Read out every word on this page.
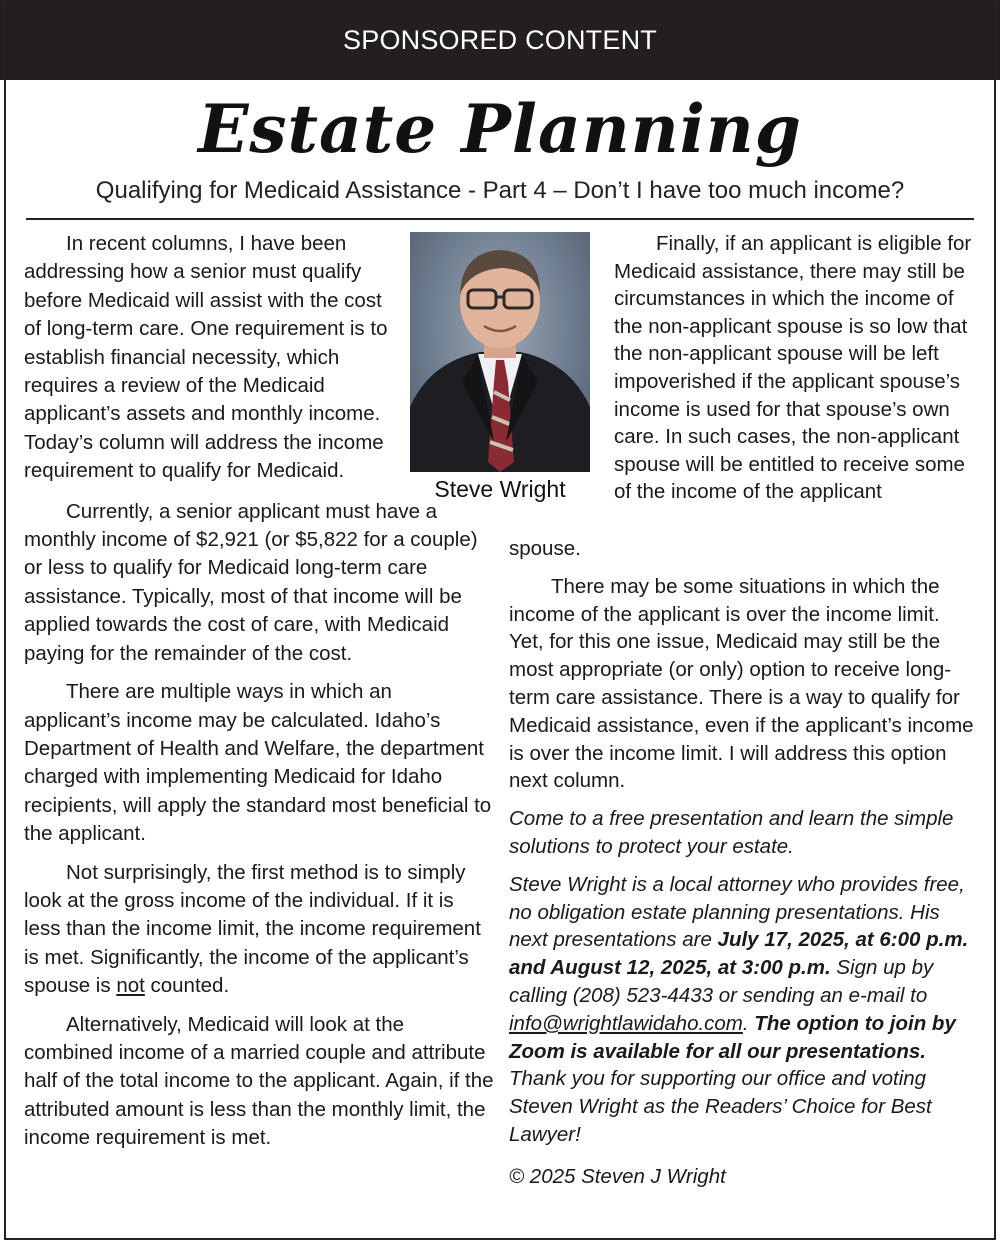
SPONSORED CONTENT
Estate Planning
Qualifying for Medicaid Assistance - Part 4 – Don’t I have too much income?
Steve Wright

In recent columns, I have been addressing how a senior must qualify before Medicaid will assist with the cost of long-term care. One requirement is to establish financial necessity, which requires a review of the Medicaid applicant’s assets and monthly income. Today’s column will address the income requirement to qualify for Medicaid.

Currently, a senior applicant must have a monthly income of $2,921 (or $5,822 for a couple) or less to qualify for Medicaid long-term care assistance. Typically, most of that income will be applied towards the cost of care, with Medicaid paying for the remainder of the cost.

There are multiple ways in which an applicant’s income may be calculated. Idaho’s Department of Health and Welfare, the department charged with implementing Medicaid for Idaho recipients, will apply the standard most beneficial to the applicant.

Not surprisingly, the first method is to simply look at the gross income of the individual. If it is less than the income limit, the income requirement is met. Significantly, the income of the applicant’s spouse is not counted.

Alternatively, Medicaid will look at the combined income of a married couple and attribute half of the total income to the applicant. Again, if the attributed amount is less than the monthly limit, the income requirement is met.

Finally, if an applicant is eligible for Medicaid assistance, there may still be circumstances in which the income of the non-applicant spouse is so low that the non-applicant spouse will be left impoverished if the applicant spouse’s income is used for that spouse’s own care. In such cases, the non-applicant spouse will be entitled to receive some of the income of the applicant

spouse.

There may be some situations in which the income of the applicant is over the income limit. Yet, for this one issue, Medicaid may still be the most appropriate (or only) option to receive long-term care assistance. There is a way to qualify for Medicaid assistance, even if the applicant’s income is over the income limit. I will address this option next column.

Come to a free presentation and learn the simple solutions to protect your estate.

Steve Wright is a local attorney who provides free, no obligation estate planning presentations. His next presentations are July 17, 2025, at 6:00 p.m. and August 12, 2025, at 3:00 p.m. Sign up by calling (208) 523-4433 or sending an e-mail to info@wrightlawidaho.com. The option to join by Zoom is available for all our presentations. Thank you for supporting our office and voting Steven Wright as the Readers’ Choice for Best Lawyer!

© 2025 Steven J Wright
